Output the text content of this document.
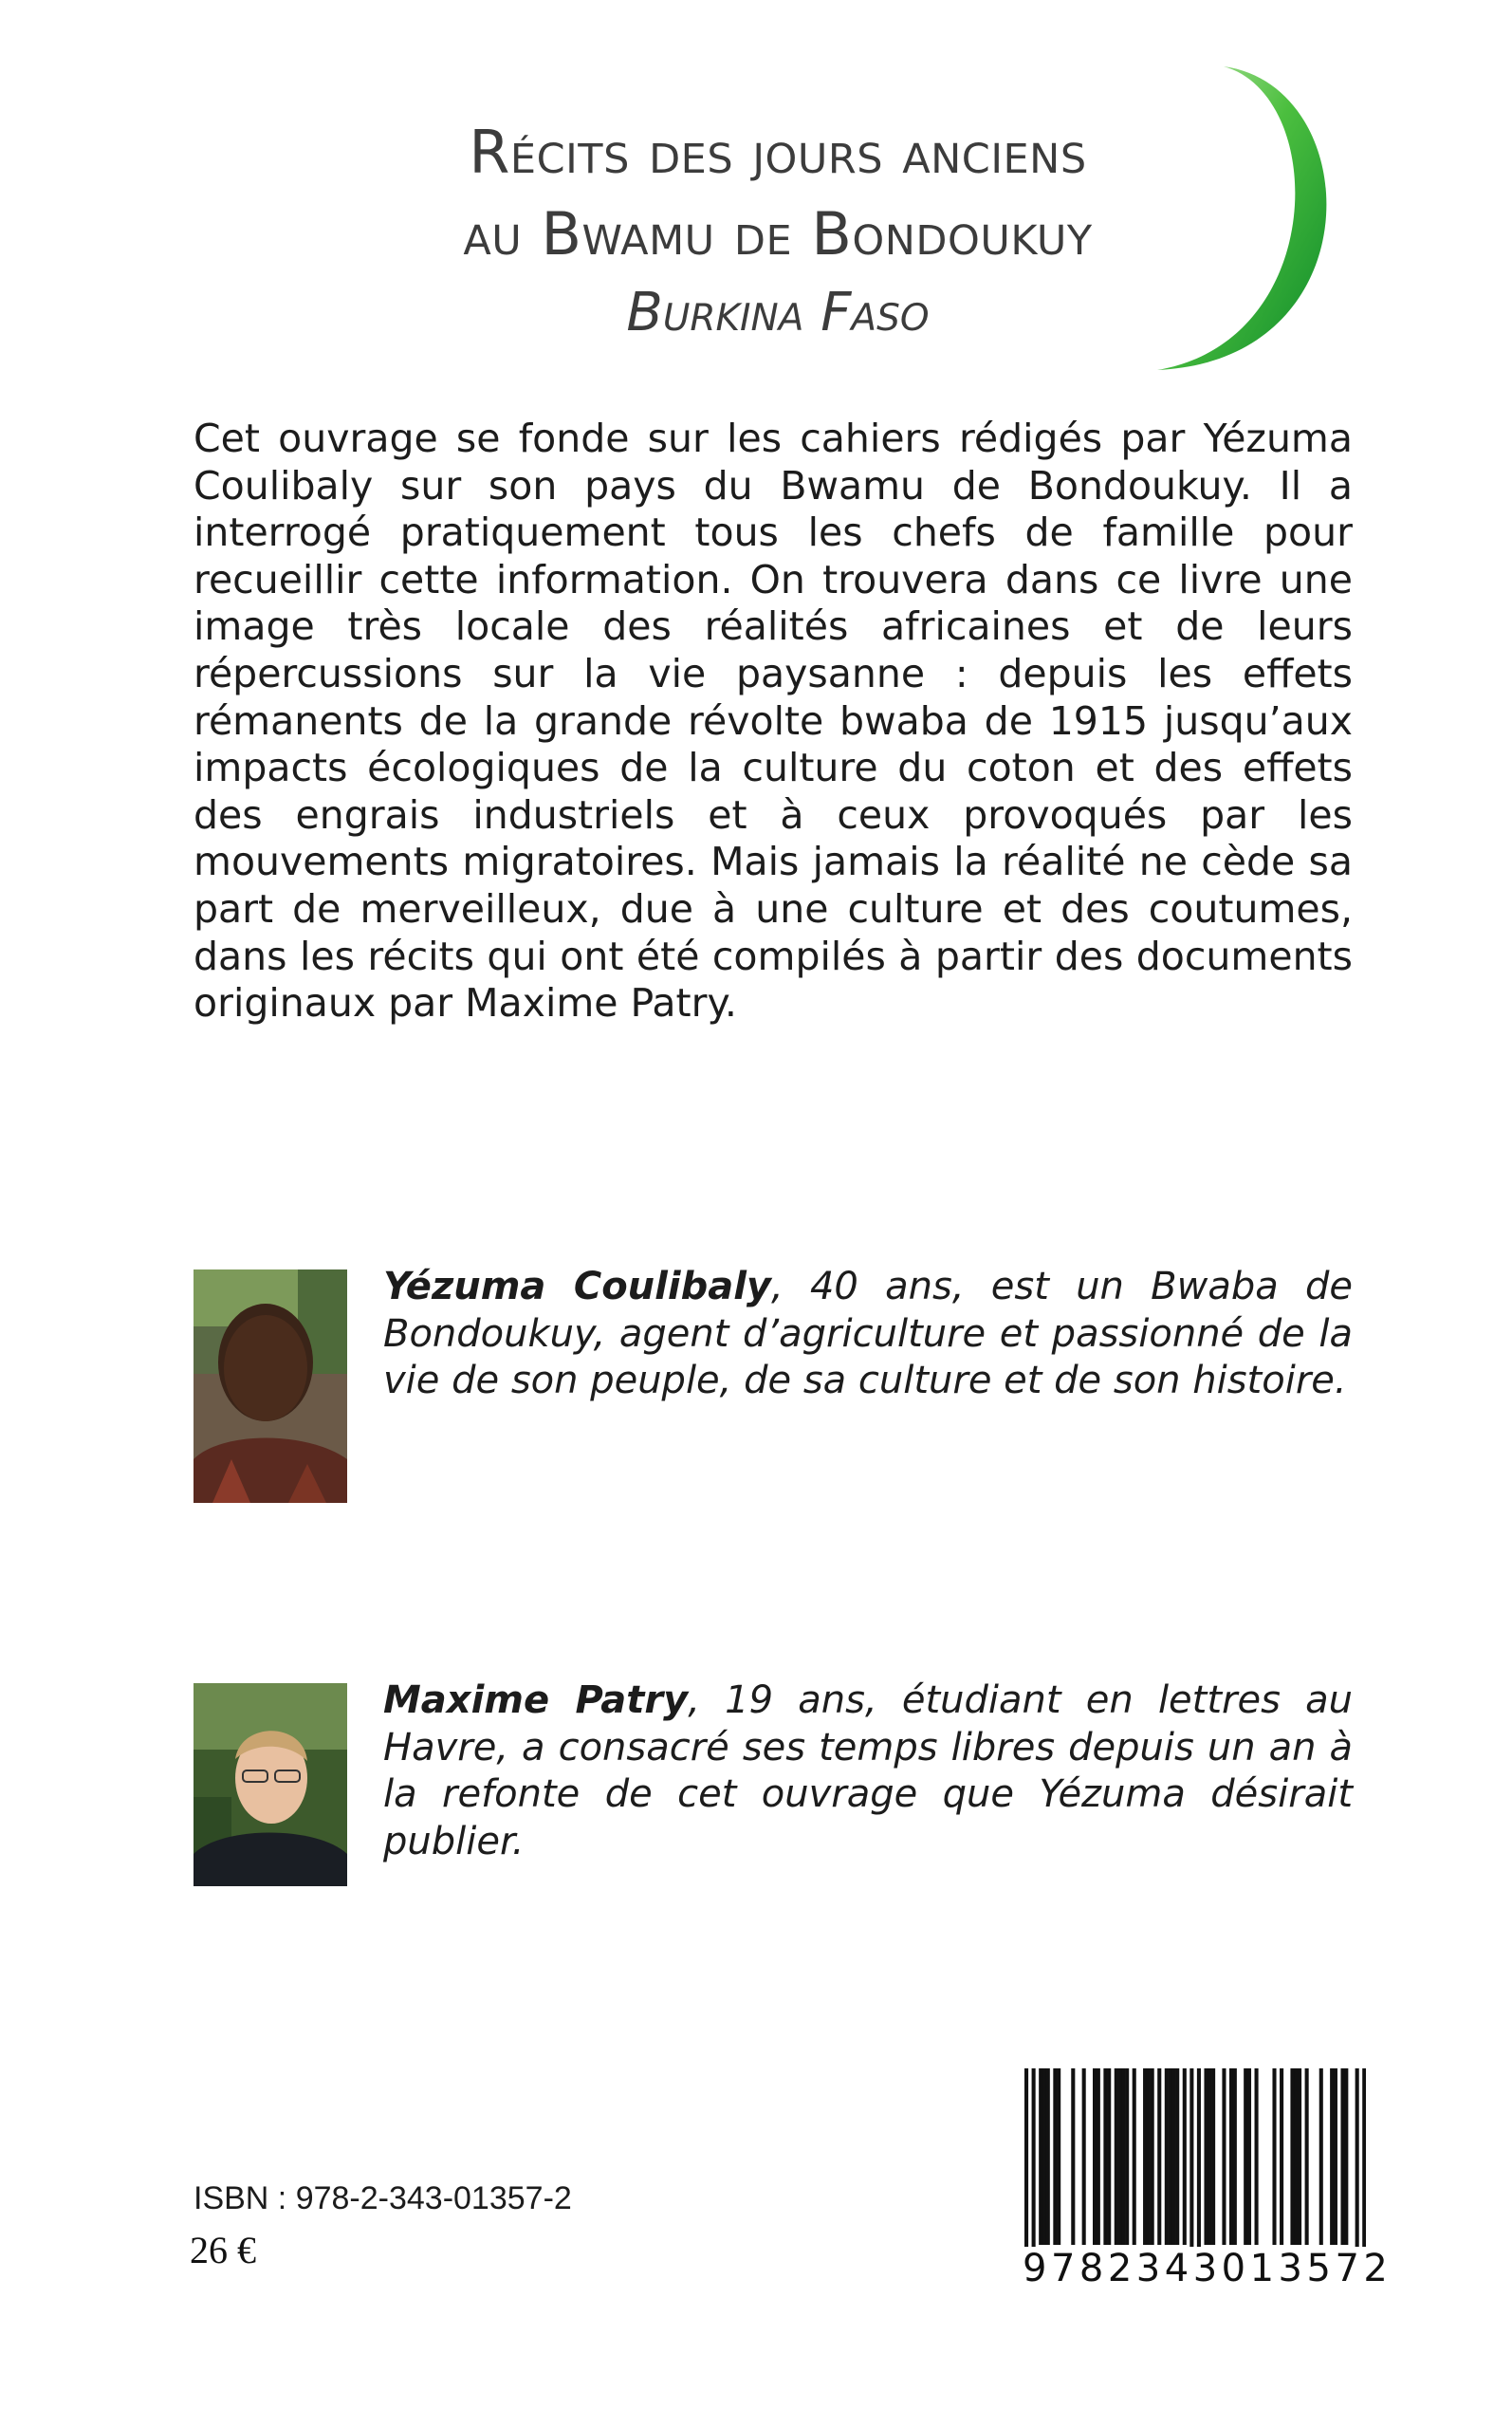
Récits des jours anciens
au Bwamu de Bondoukuy
Burkina Faso
Cet ouvrage se fonde sur les cahiers rédigés par Yézuma Coulibaly sur son pays du Bwamu de Bondoukuy. Il a interrogé pratiquement tous les chefs de famille pour recueillir cette information. On trouvera dans ce livre une image très locale des réalités africaines et de leurs répercussions sur la vie paysanne : depuis les effets rémanents de la grande révolte bwaba de 1915 jusqu’aux impacts écologiques de la culture du coton et des effets des engrais industriels et à ceux provoqués par les mouvements migratoires. Mais jamais la réalité ne cède sa part de merveilleux, due à une culture et des coutumes, dans les récits qui ont été compilés à partir des documents originaux par Maxime Patry.
Yézuma Coulibaly, 40 ans, est un Bwaba de Bondoukuy, agent d’agriculture et passionné de la vie de son peuple, de sa culture et de son histoire.
Maxime Patry, 19 ans, étudiant en lettres au Havre, a consacré ses temps libres depuis un an à la refonte de cet ouvrage que Yézuma désirait publier.
ISBN : 978-2-343-01357-2
26 €	9782343013572
